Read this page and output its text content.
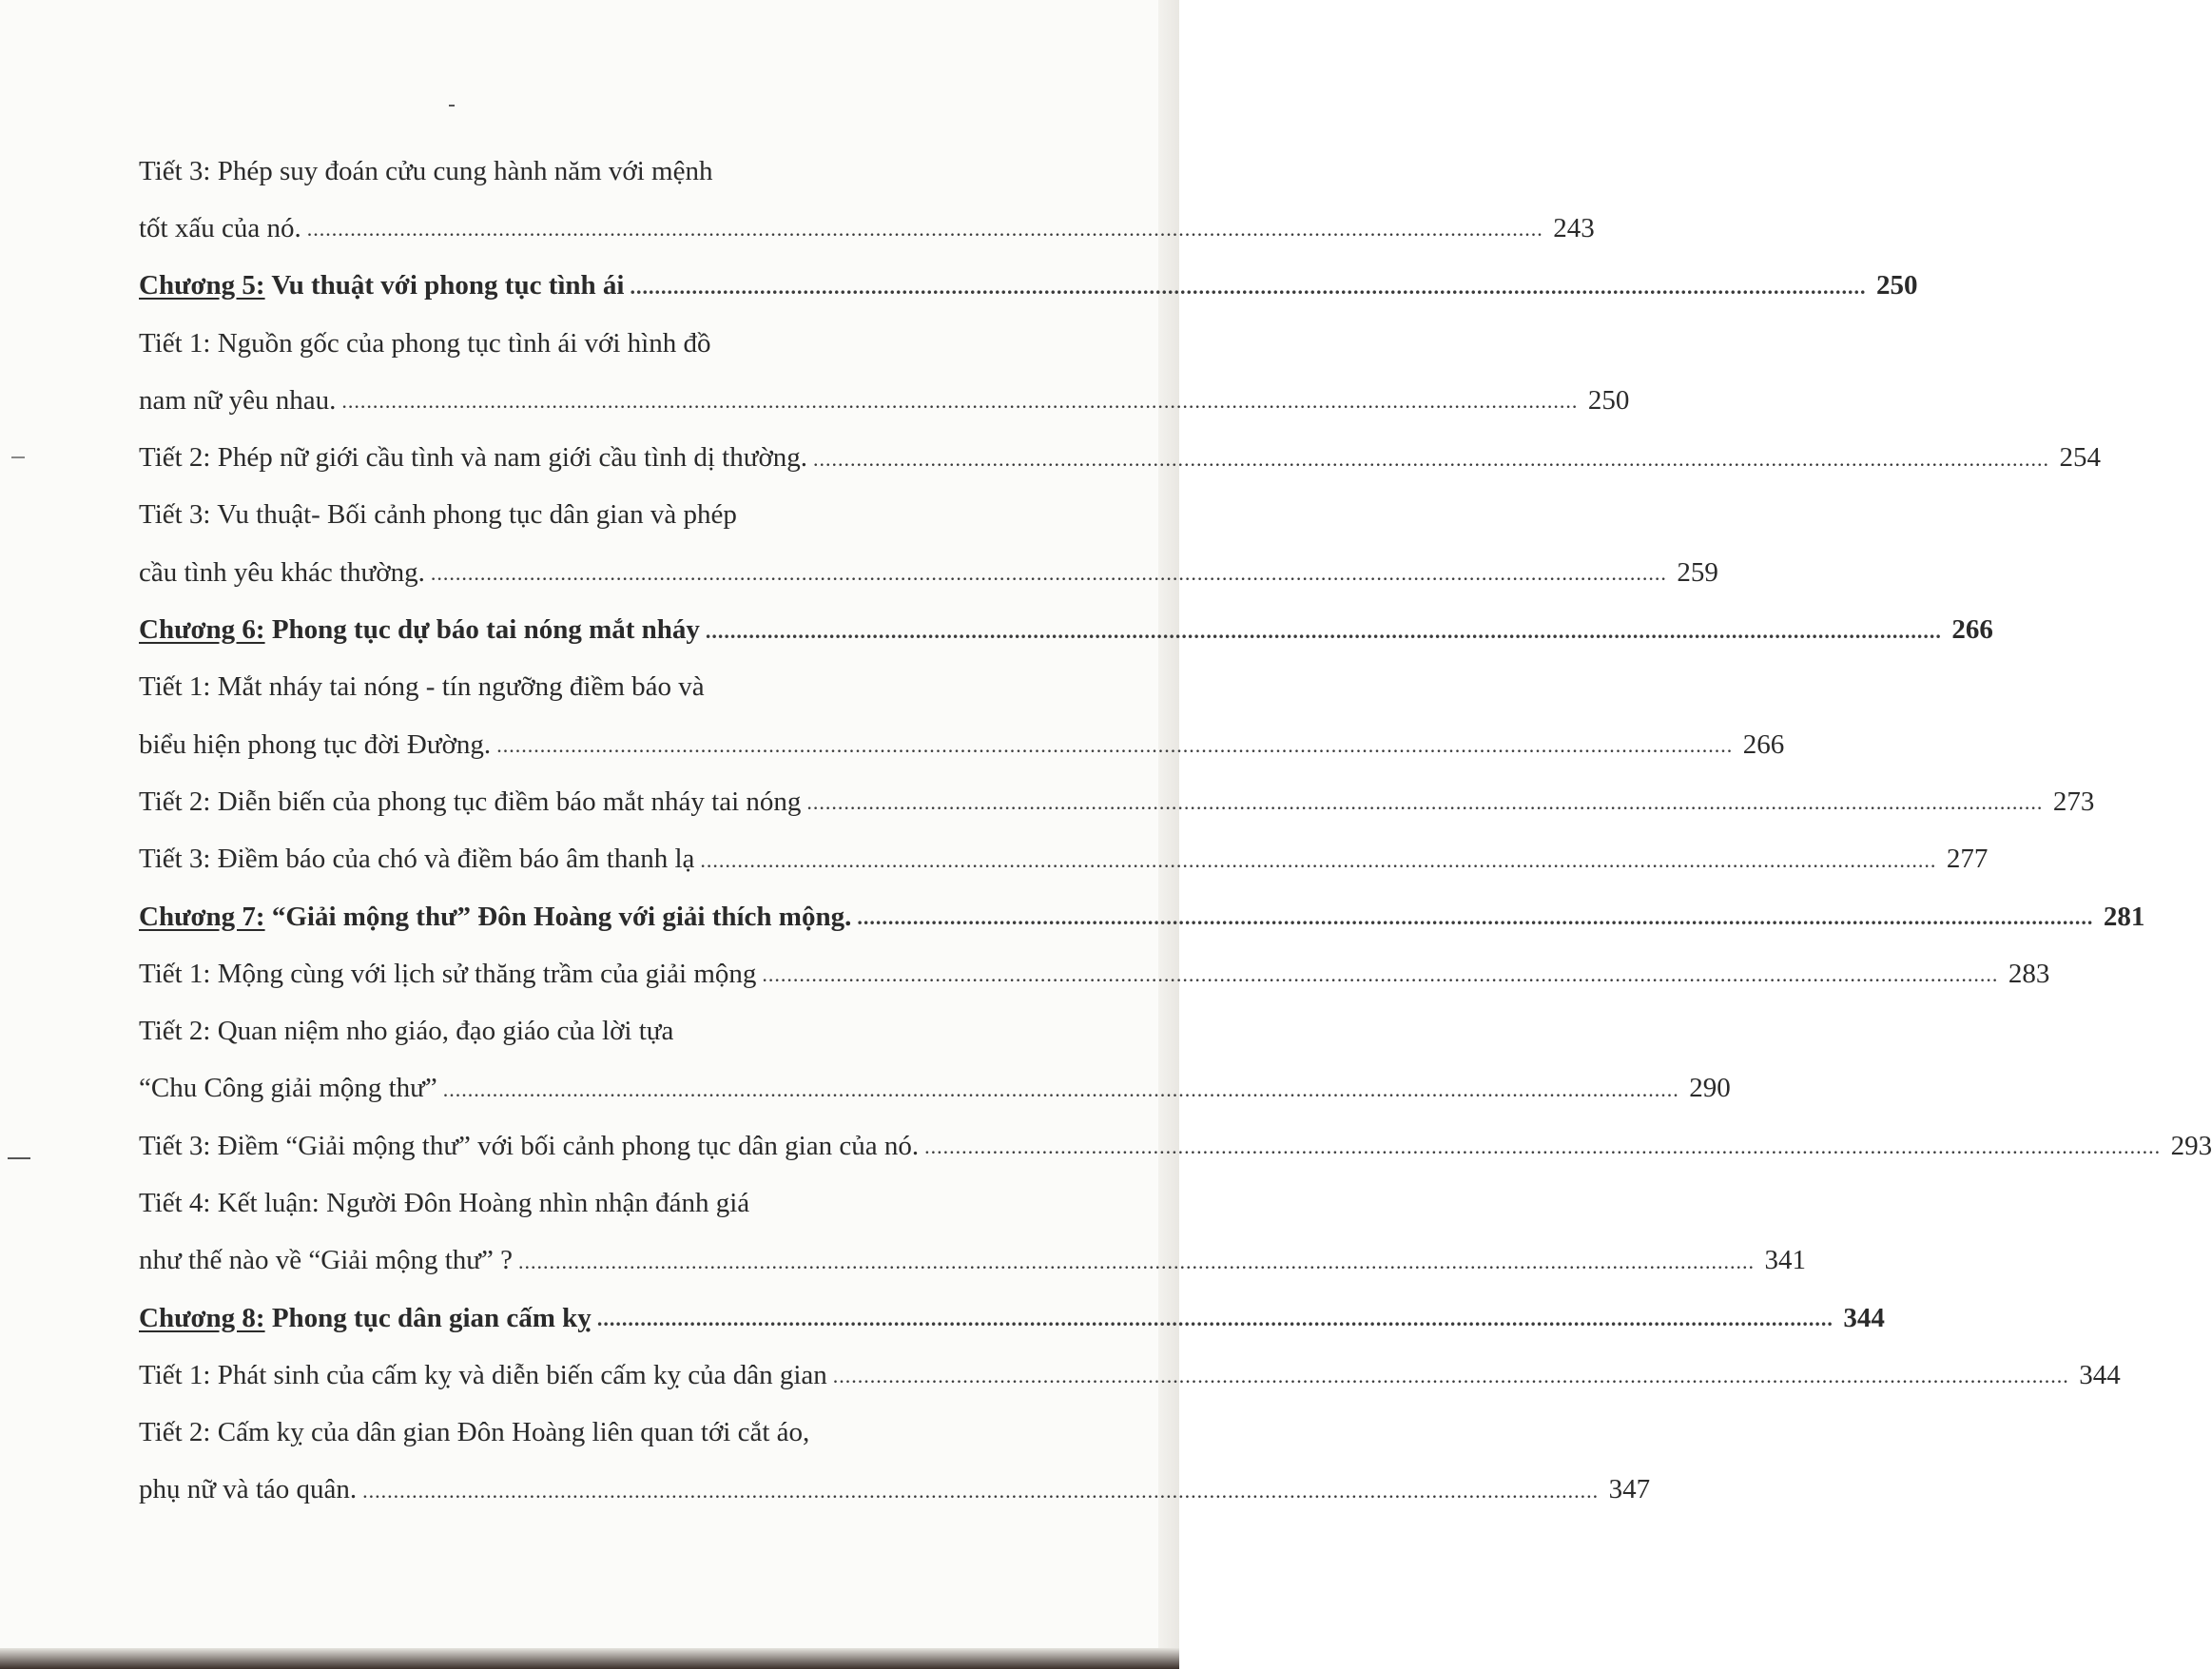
Tiết 3: Phép suy đoán cửu cung hành năm với mệnh
tốt xấu của nó. ........................................................................................................................................................................................................ 243
Chương 5: Vu thuật với phong tục tình ái ........................................................................................................................................................................................................ 250
Tiết 1: Nguồn gốc của phong tục tình ái với hình đồ
nam nữ yêu nhau. ........................................................................................................................................................................................................ 250
Tiết 2: Phép nữ giới cầu tình và nam giới cầu tình dị thường. ........................................................................................................................................................................................................ 254
Tiết 3: Vu thuật- Bối cảnh phong tục dân gian và phép
cầu tình yêu khác thường. ........................................................................................................................................................................................................ 259
Chương 6: Phong tục dự báo tai nóng mắt nháy ........................................................................................................................................................................................................ 266
Tiết 1: Mắt nháy tai nóng - tín ngưỡng điềm báo và
biểu hiện phong tục đời Đường. ........................................................................................................................................................................................................ 266
Tiết 2: Diễn biến của phong tục điềm báo mắt nháy tai nóng ........................................................................................................................................................................................................ 273
Tiết 3: Điềm báo của chó và điềm báo âm thanh lạ ........................................................................................................................................................................................................ 277
Chương 7: “Giải mộng thư” Đôn Hoàng với giải thích mộng. ........................................................................................................................................................................................................ 281
Tiết 1: Mộng cùng với lịch sử thăng trầm của giải mộng ........................................................................................................................................................................................................ 283
Tiết 2: Quan niệm nho giáo, đạo giáo của lời tựa
“Chu Công giải mộng thư” ........................................................................................................................................................................................................ 290
Tiết 3: Điềm “Giải mộng thư” với bối cảnh phong tục dân gian của nó. ........................................................................................................................................................................................................ 293
Tiết 4: Kết luận: Người Đôn Hoàng nhìn nhận đánh giá
như thế nào về “Giải mộng thư” ? ........................................................................................................................................................................................................ 341
Chương 8: Phong tục dân gian cấm kỵ ........................................................................................................................................................................................................ 344
Tiết 1: Phát sinh của cấm kỵ và diễn biến cấm kỵ của dân gian ........................................................................................................................................................................................................ 344
Tiết 2: Cấm kỵ của dân gian Đôn Hoàng liên quan tới cắt áo,
phụ nữ và táo quân. ........................................................................................................................................................................................................ 347
